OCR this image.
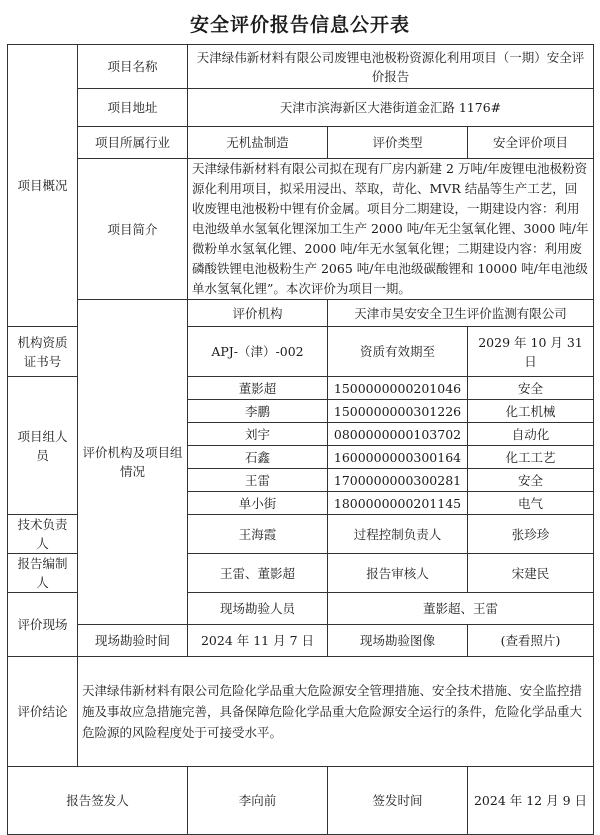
安全评价报告信息公开表
项目概况	项目名称	天津绿伟新材料有限公司废锂电池极粉资源化利用项目（一期）安全评价报告		
	项目地址	天津市滨海新区大港街道金汇路 1176#		
	项目所属行业	无机盐制造	评价类型	安全评价项目
	项目简介	天津绿伟新材料有限公司拟在现有厂房内新建 2 万吨/年废锂电池极粉资源化利用项目，拟采用浸出、萃取，苛化、MVR 结晶等生产工艺，回收废锂电池极粉中锂有价金属。项目分二期建设，一期建设内容：利用电池级单水氢氧化锂深加工生产 2000 吨/年无尘氢氧化锂、3000 吨/年微粉单水氢氧化锂、2000 吨/年无水氢氧化锂；二期建设内容：利用废磷酸铁锂电池极粉生产 2065 吨/年电池级碳酸锂和 10000 吨/年电池级单水氢氧化锂”。本次评价为项目一期。		
	评价机构及项目组情况	评价机构	天津市昊安安全卫生评价监测有限公司	
机构资质证书号		APJ-（津）-002	资质有效期至	2029 年 10 月 31 日
项目组人员		董影超	1500000000201046	安全
		李鹏	1500000000301226	化工机械
		刘宇	0800000000103702	自动化
		石鑫	1600000000300164	化工工艺
		王雷	1700000000300281	安全
		单小街	1800000000201145	电气
技术负责人		王海霞	过程控制负责人	张珍珍
报告编制人		王雷、董影超	报告审核人	宋建民
评价现场		现场勘验人员	董影超、王雷	
	现场勘验时间	2024 年 11 月 7 日	现场勘验图像	(查看照片)
评价结论	天津绿伟新材料有限公司危险化学品重大危险源安全管理措施、安全技术措施、安全监控措施及事故应急措施完善，具备保障危险化学品重大危险源安全运行的条件，危险化学品重大危险源的风险程度处于可接受水平。			
报告签发人		李向前	签发时间	2024 年 12 月 9 日
